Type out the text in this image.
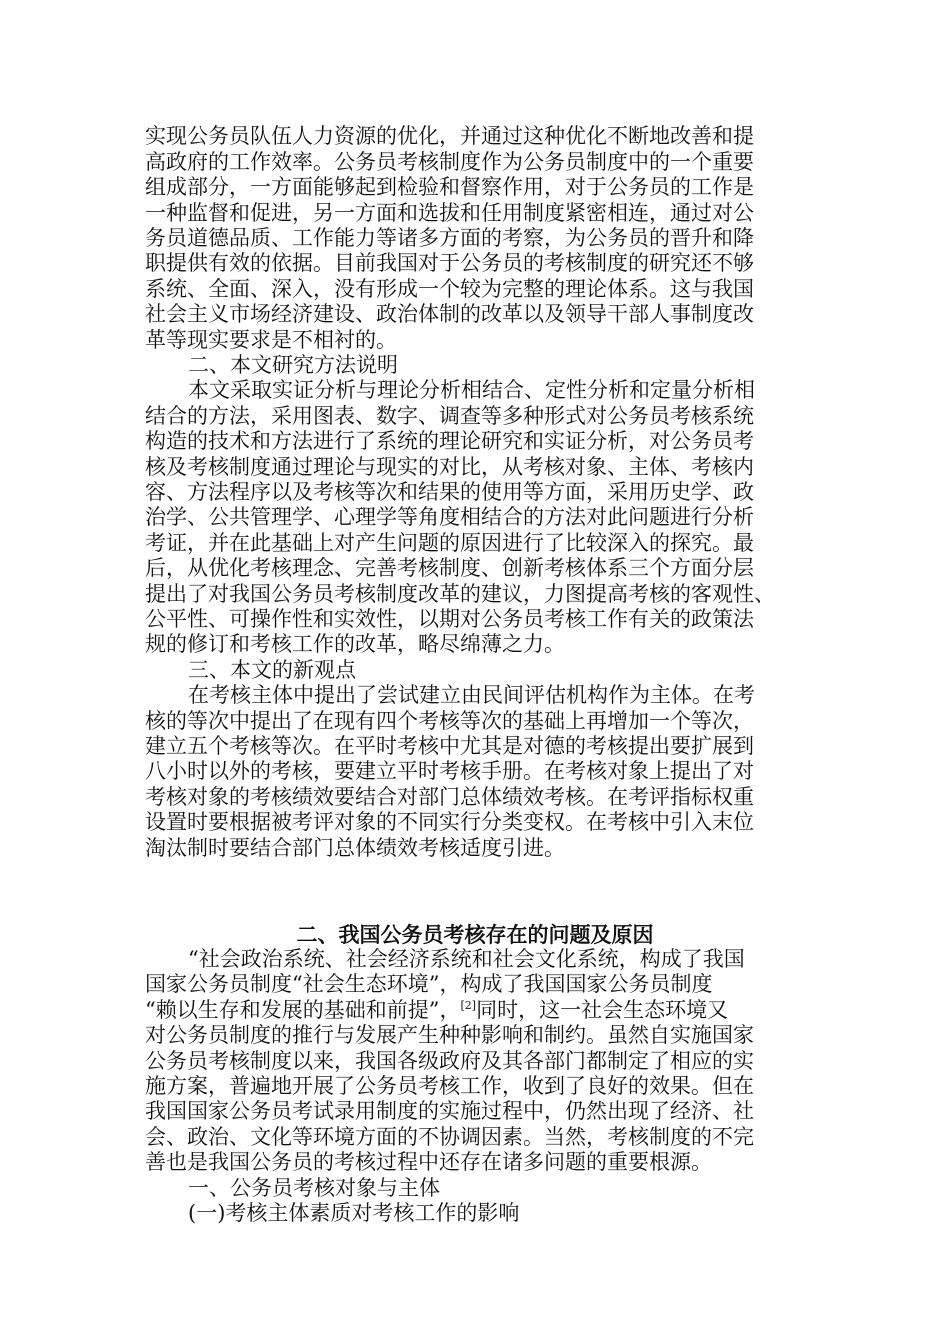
实现公务员队伍人力资源的优化，并通过这种优化不断地改善和提
高政府的工作效率。公务员考核制度作为公务员制度中的一个重要
组成部分，一方面能够起到检验和督察作用，对于公务员的工作是
一种监督和促进，另一方面和选拔和任用制度紧密相连，通过对公
务员道德品质、工作能力等诸多方面的考察，为公务员的晋升和降
职提供有效的依据。目前我国对于公务员的考核制度的研究还不够
系统、全面、深入，没有形成一个较为完整的理论体系。这与我国
社会主义市场经济建设、政治体制的改革以及领导干部人事制度改
革等现实要求是不相衬的。
二、本文研究方法说明
本文采取实证分析与理论分析相结合、定性分析和定量分析相
结合的方法，采用图表、数字、调查等多种形式对公务员考核系统
构造的技术和方法进行了系统的理论研究和实证分析，对公务员考
核及考核制度通过理论与现实的对比，从考核对象、主体、考核内
容、方法程序以及考核等次和结果的使用等方面，采用历史学、政
治学、公共管理学、心理学等角度相结合的方法对此问题进行分析
考证，并在此基础上对产生问题的原因进行了比较深入的探究。最
后，从优化考核理念、完善考核制度、创新考核体系三个方面分层
提出了对我国公务员考核制度改革的建议，力图提高考核的客观性、
公平性、可操作性和实效性，以期对公务员考核工作有关的政策法
规的修订和考核工作的改革，略尽绵薄之力。
三、本文的新观点
在考核主体中提出了尝试建立由民间评估机构作为主体。在考
核的等次中提出了在现有四个考核等次的基础上再增加一个等次，
建立五个考核等次。在平时考核中尤其是对德的考核提出要扩展到
八小时以外的考核，要建立平时考核手册。在考核对象上提出了对
考核对象的考核绩效要结合对部门总体绩效考核。在考评指标权重
设置时要根据被考评对象的不同实行分类变权。在考核中引入末位
淘汰制时要结合部门总体绩效考核适度引进。
二、我国公务员考核存在的问题及原因
“社会政治系统、社会经济系统和社会文化系统，构成了我国
国家公务员制度“社会生态环境”，构成了我国国家公务员制度
“赖以生存和发展的基础和前提”，[2]同时，这一社会生态环境又
对公务员制度的推行与发展产生种种影响和制约。虽然自实施国家
公务员考核制度以来，我国各级政府及其各部门都制定了相应的实
施方案，普遍地开展了公务员考核工作，收到了良好的效果。但在
我国国家公务员考试录用制度的实施过程中，仍然出现了经济、社
会、政治、文化等环境方面的不协调因素。当然，考核制度的不完
善也是我国公务员的考核过程中还存在诸多问题的重要根源。
一、公务员考核对象与主体
(一)考核主体素质对考核工作的影响
